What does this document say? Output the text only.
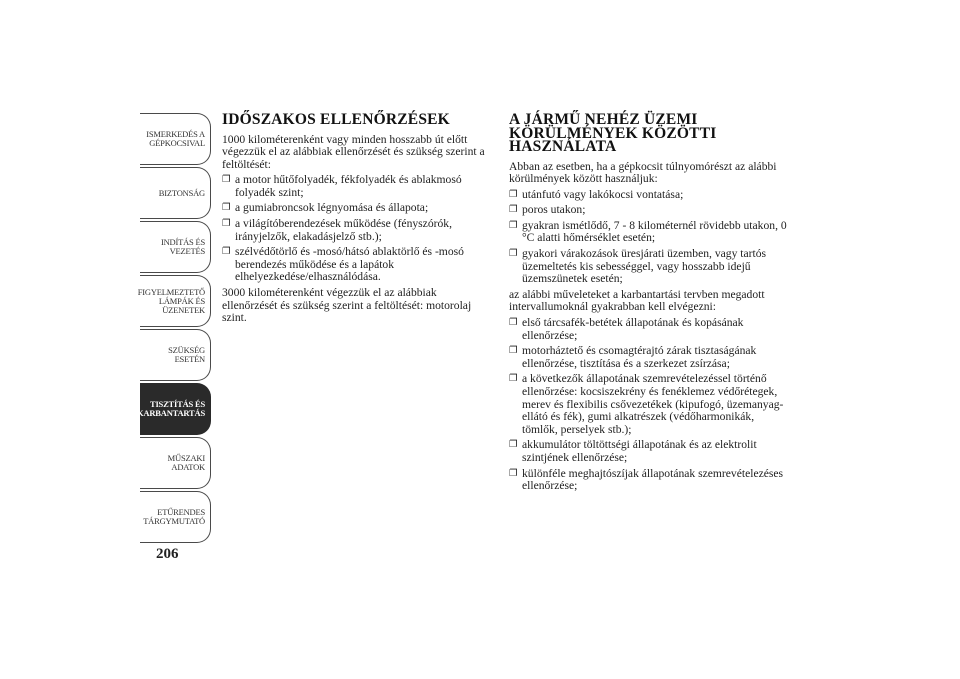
ISMERKEDÉS A
GÉPKOCSIVAL
BIZTONSÁG
INDÍTÁS ÉS
VEZETÉS
FIGYELMEZTETŐ
LÁMPÁK ÉS
ÜZENETEK
SZÜKSÉG ESETÉN
TISZTÍTÁS ÉS
KARBANTARTÁS
MŰSZAKI ADATOK
ETŰRENDES
TÁRGYMUTATÓ
206
IDŐSZAKOS ELLENŐRZÉSEK

1000 kilométerenként vagy minden hosszabb út előtt végezzük el az alábbiak ellenőrzését és szükség szerint a feltöltését:

❐ a motor hűtőfolyadék, fékfolyadék és ablakmosó folyadék szint;
❐ a gumiabroncsok légnyomása és állapota;
❐ a világítóberendezések működése (fényszórók, irányjelzők, elakadásjelző stb.);
❐ szélvédőtörlő és -mosó/hátsó ablaktörlő és -mosó berendezés működése és a lapátok elhelyezkedése/elhasználódása.

3000 kilométerenként végezzük el az alábbiak ellenőrzését és szükség szerint a feltöltését: motorolaj szint.

A JÁRMŰ NEHÉZ ÜZEMI KÖRÜLMÉNYEK KÖZÖTTI HASZNÁLATA

Abban az esetben, ha a gépkocsit túlnyomórészt az alábbi körülmények között használjuk:

❐ utánfutó vagy lakókocsi vontatása;
❐ poros utakon;
❐ gyakran ismétlődő, 7 - 8 kilométernél rövidebb utakon, 0 °C alatti hőmérséklet esetén;
❐ gyakori várakozások üresjárati üzemben, vagy tartós üzemeltetés kis sebességgel, vagy hosszabb idejű üzemszünetek esetén;

az alábbi műveleteket a karbantartási tervben megadott intervallumoknál gyakrabban kell elvégezni:

❐ első tárcsafék-betétek állapotának és kopásának ellenőrzése;
❐ motorháztető és csomagtérajtó zárak tisztaságának ellenőrzése, tisztítása és a szerkezet zsírzása;
❐ a következők állapotának szemrevételezéssel történő ellenőrzése: kocsiszekrény és fenéklemez védőrétegek, merev és flexibilis csővezetékek (kipufogó, üzemanyag-ellátó és fék), gumi alkatrészek (védőharmonikák, tömlők, perselyek stb.);
❐ akkumulátor töltöttségi állapotának és az elektrolit szintjének ellenőrzése;
❐ különféle meghajtószíjak állapotának szemrevételezéses ellenőrzése;
